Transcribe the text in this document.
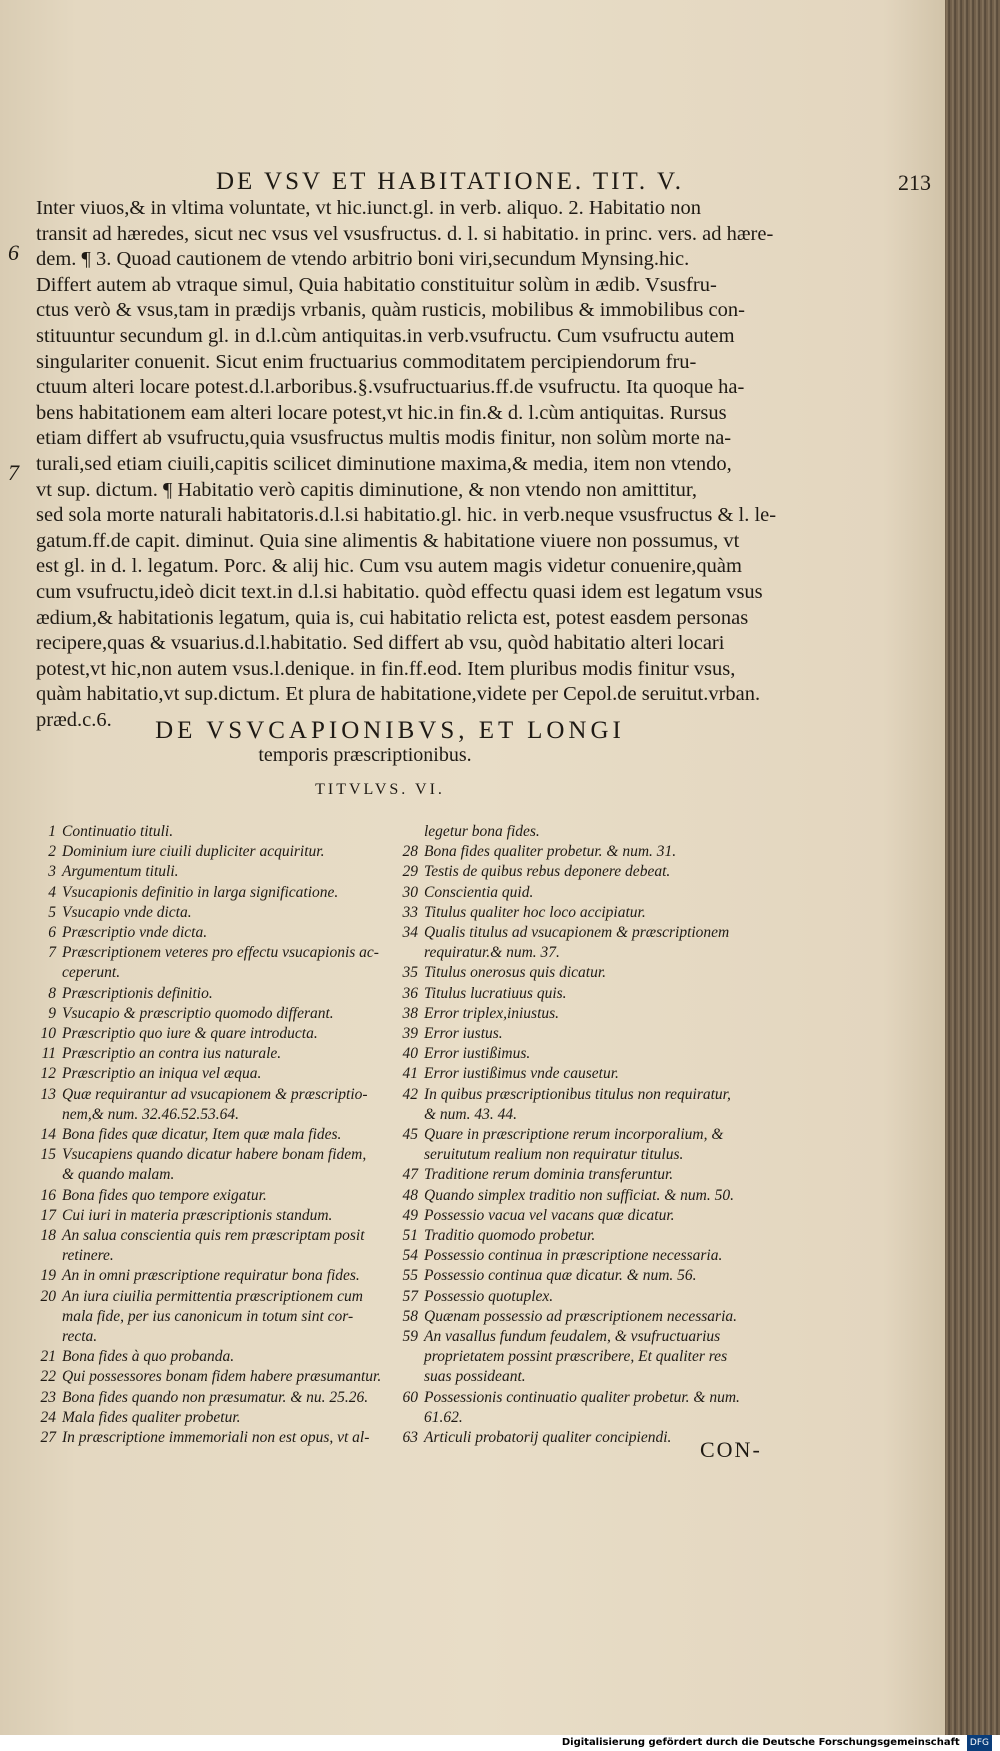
DE VSV ET HABITATIONE. TIT. V.	213
6
7
Inter viuos,& in vltima voluntate, vt hic.iunct.gl. in verb. aliquo. 2. Habitatio non
transit ad hæredes, sicut nec vsus vel vsusfructus. d. l. si habitatio. in princ. vers. ad hære-
dem. ¶ 3. Quoad cautionem de vtendo arbitrio boni viri,secundum Mynsing.hic.
Differt autem ab vtraque simul, Quia habitatio constituitur solùm in ædib. Vsusfru-
ctus verò & vsus,tam in prædijs vrbanis, quàm rusticis, mobilibus & immobilibus con-
stituuntur secundum gl. in d.l.cùm antiquitas.in verb.vsufructu. Cum vsufructu autem
singulariter conuenit. Sicut enim fructuarius commoditatem percipiendorum fru-
ctuum alteri locare potest.d.l.arboribus.§.vsufructuarius.ff.de vsufructu. Ita quoque ha-
bens habitationem eam alteri locare potest,vt hic.in fin.& d. l.cùm antiquitas. Rursus
etiam differt ab vsufructu,quia vsusfructus multis modis finitur, non solùm morte na-
turali,sed etiam ciuili,capitis scilicet diminutione maxima,& media, item non vtendo,
vt sup. dictum. ¶ Habitatio verò capitis diminutione, & non vtendo non amittitur,
sed sola morte naturali habitatoris.d.l.si habitatio.gl. hic. in verb.neque vsusfructus & l. le-
gatum.ff.de capit. diminut. Quia sine alimentis & habitatione viuere non possumus, vt
est gl. in d. l. legatum. Porc. & alij hic. Cum vsu autem magis videtur conuenire,quàm
cum vsufructu,ideò dicit text.in d.l.si habitatio. quòd effectu quasi idem est legatum vsus
ædium,& habitationis legatum, quia is, cui habitatio relicta est, potest easdem personas
recipere,quas & vsuarius.d.l.habitatio. Sed differt ab vsu, quòd habitatio alteri locari
potest,vt hic,non autem vsus.l.denique. in fin.ff.eod. Item pluribus modis finitur vsus,
quàm habitatio,vt sup.dictum. Et plura de habitatione,videte per Cepol.de seruitut.vrban.
præd.c.6.	DE VSVCAPIONIBVS, ET LONGI
temporis præscriptionibus.
TITVLVS. VI.
1 Continuatio tituli.
2 Dominium iure ciuili dupliciter acquiritur.
3 Argumentum tituli.
4 Vsucapionis definitio in larga significatione.
5 Vsucapio vnde dicta.
6 Præscriptio vnde dicta.
7 Præscriptionem veteres pro effectu vsucapionis ac-
ceperunt.
8 Præscriptionis definitio.
9 Vsucapio & præscriptio quomodo differant.
10 Præscriptio quo iure & quare introducta.
11 Præscriptio an contra ius naturale.
12 Præscriptio an iniqua vel æqua.
13 Quæ requirantur ad vsucapionem & præscriptio-
nem,& num. 32.46.52.53.64.
14 Bona fides quæ dicatur, Item quæ mala fides.
15 Vsucapiens quando dicatur habere bonam fidem,
& quando malam.
16 Bona fides quo tempore exigatur.
17 Cui iuri in materia præscriptionis standum.
18 An salua conscientia quis rem præscriptam posit
retinere.
19 An in omni præscriptione requiratur bona fides.
20 An iura ciuilia permittentia præscriptionem cum
mala fide, per ius canonicum in totum sint cor-
recta.
21 Bona fides à quo probanda.
22 Qui possessores bonam fidem habere præsumantur.
23 Bona fides quando non præsumatur. & nu. 25.26.
24 Mala fides qualiter probetur.
27 In præscriptione immemoriali non est opus, vt al-
legetur bona fides.
28 Bona fides qualiter probetur. & num. 31.
29 Testis de quibus rebus deponere debeat.
30 Conscientia quid.
33 Titulus qualiter hoc loco accipiatur.
34 Qualis titulus ad vsucapionem & præscriptionem
requiratur.& num. 37.
35 Titulus onerosus quis dicatur.
36 Titulus lucratiuus quis.
38 Error triplex,iniustus.
39 Error iustus.
40 Error iustißimus.
41 Error iustißimus vnde causetur.
42 In quibus præscriptionibus titulus non requiratur,
& num. 43. 44.
45 Quare in præscriptione rerum incorporalium, &
seruitutum realium non requiratur titulus.
47 Traditione rerum dominia transferuntur.
48 Quando simplex traditio non sufficiat. & num. 50.
49 Possessio vacua vel vacans quæ dicatur.
51 Traditio quomodo probetur.
54 Possessio continua in præscriptione necessaria.
55 Possessio continua quæ dicatur. & num. 56.
57 Possessio quotuplex.
58 Quænam possessio ad præscriptionem necessaria.
59 An vasallus fundum feudalem, & vsufructuarius
proprietatem possint præscribere, Et qualiter res
suas possideant.
60 Possessionis continuatio qualiter probetur. & num.
61.62.
63 Articuli probatorij qualiter concipiendi.	CON-
Digitalisierung gefördert durch die Deutsche Forschungsgemeinschaft DFG
